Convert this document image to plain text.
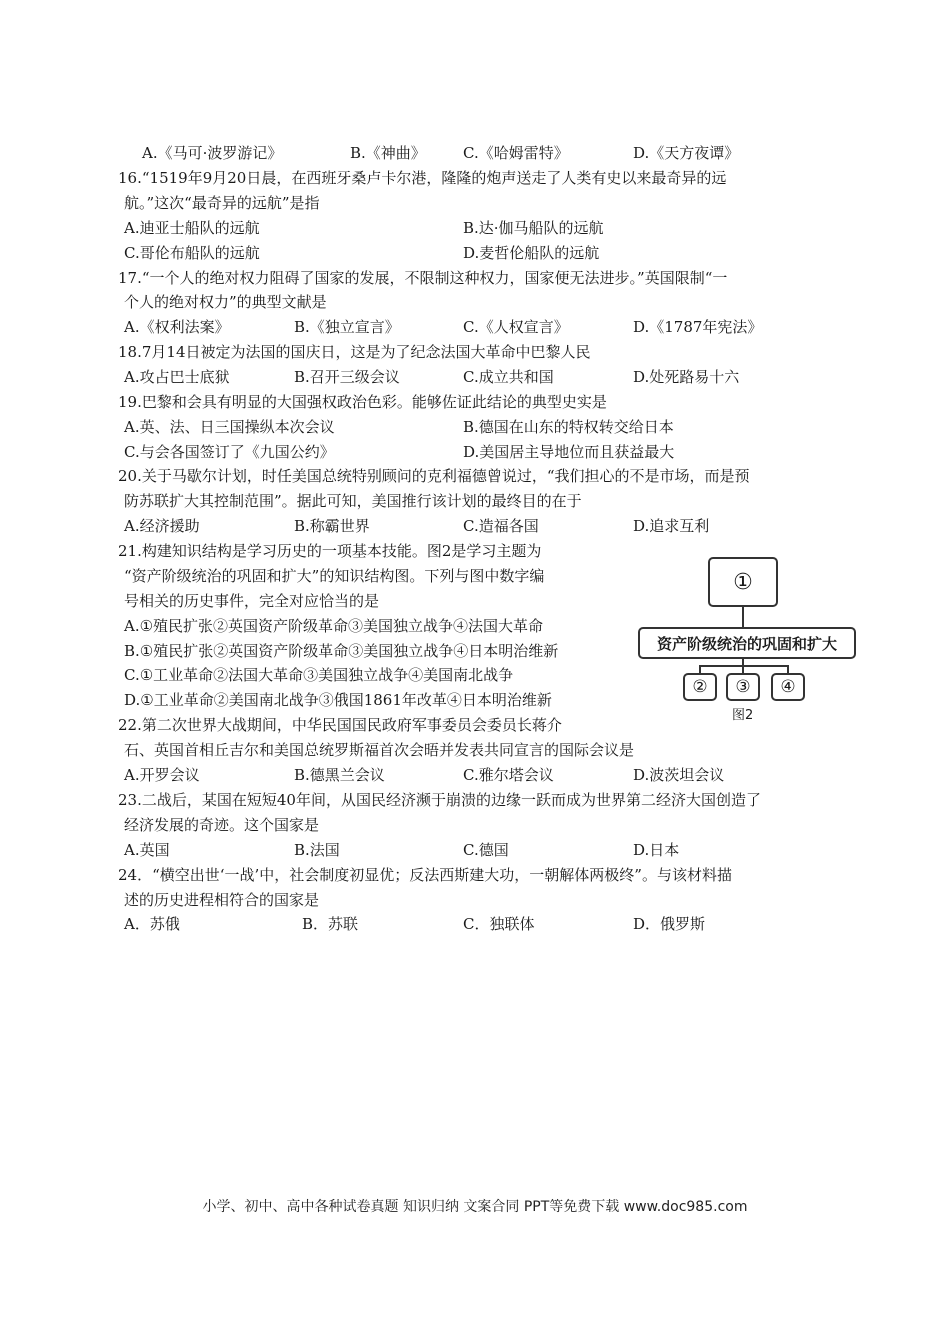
A.《马可·波罗游记》	B.《神曲》 C.《哈姆雷特》	D.《天方夜谭》
16.“1519年9月20日晨，在西班牙桑卢卡尔港，隆隆的炮声送走了人类有史以来最奇异的远
航。”这次“最奇异的远航”是指
A.迪亚士船队的远航	B.达·伽马船队的远航
C.哥伦布船队的远航	D.麦哲伦船队的远航
17.“一个人的绝对权力阻碍了国家的发展，不限制这种权力，国家便无法进步。”英国限制“一
个人的绝对权力”的典型文献是
A.《权利法案》	B.《独立宣言》	C.《人权宣言》	D.《1787年宪法》
18.7月14日被定为法国的国庆日，这是为了纪念法国大革命中巴黎人民
A.攻占巴士底狱	B.召开三级会议	C.成立共和国	D.处死路易十六
19.巴黎和会具有明显的大国强权政治色彩。能够佐证此结论的典型史实是
A.英、法、日三国操纵本次会议	B.德国在山东的特权转交给日本
C.与会各国签订了《九国公约》	D.美国居主导地位而且获益最大
20.关于马歇尔计划，时任美国总统特别顾问的克利福德曾说过，“我们担心的不是市场，而是预
防苏联扩大其控制范围”。据此可知，美国推行该计划的最终目的在于
A.经济援助	B.称霸世界	C.造福各国	D.追求互利
21.构建知识结构是学习历史的一项基本技能。图2是学习主题为
“资产阶级统治的巩固和扩大”的知识结构图。下列与图中数字编
号相关的历史事件，完全对应恰当的是
A.①殖民扩张②英国资产阶级革命③美国独立战争④法国大革命
B.①殖民扩张②英国资产阶级革命③美国独立战争④日本明治维新
C.①工业革命②法国大革命③美国独立战争④美国南北战争
D.①工业革命②美国南北战争③俄国1861年改革④日本明治维新
①
资产阶级统治的巩固和扩大
②	③	④
图2
22.第二次世界大战期间，中华民国国民政府军事委员会委员长蒋介
石、英国首相丘吉尔和美国总统罗斯福首次会晤并发表共同宣言的国际会议是
A.开罗会议	B.德黑兰会议	C.雅尔塔会议	D.波茨坦会议
23.二战后，某国在短短40年间，从国民经济濒于崩溃的边缘一跃而成为世界第二经济大国创造了
经济发展的奇迹。这个国家是
A.英国	B.法国	C.德国	D.日本
24．“横空出世‘一战’中，社会制度初显优；反法西斯建大功，一朝解体两极终”。与该材料描
述的历史进程相符合的国家是
A．苏俄	B．苏联	C．独联体	D．俄罗斯
小学、初中、高中各种试卷真题 知识归纳 文案合同 PPT等免费下载 www.doc985.com
